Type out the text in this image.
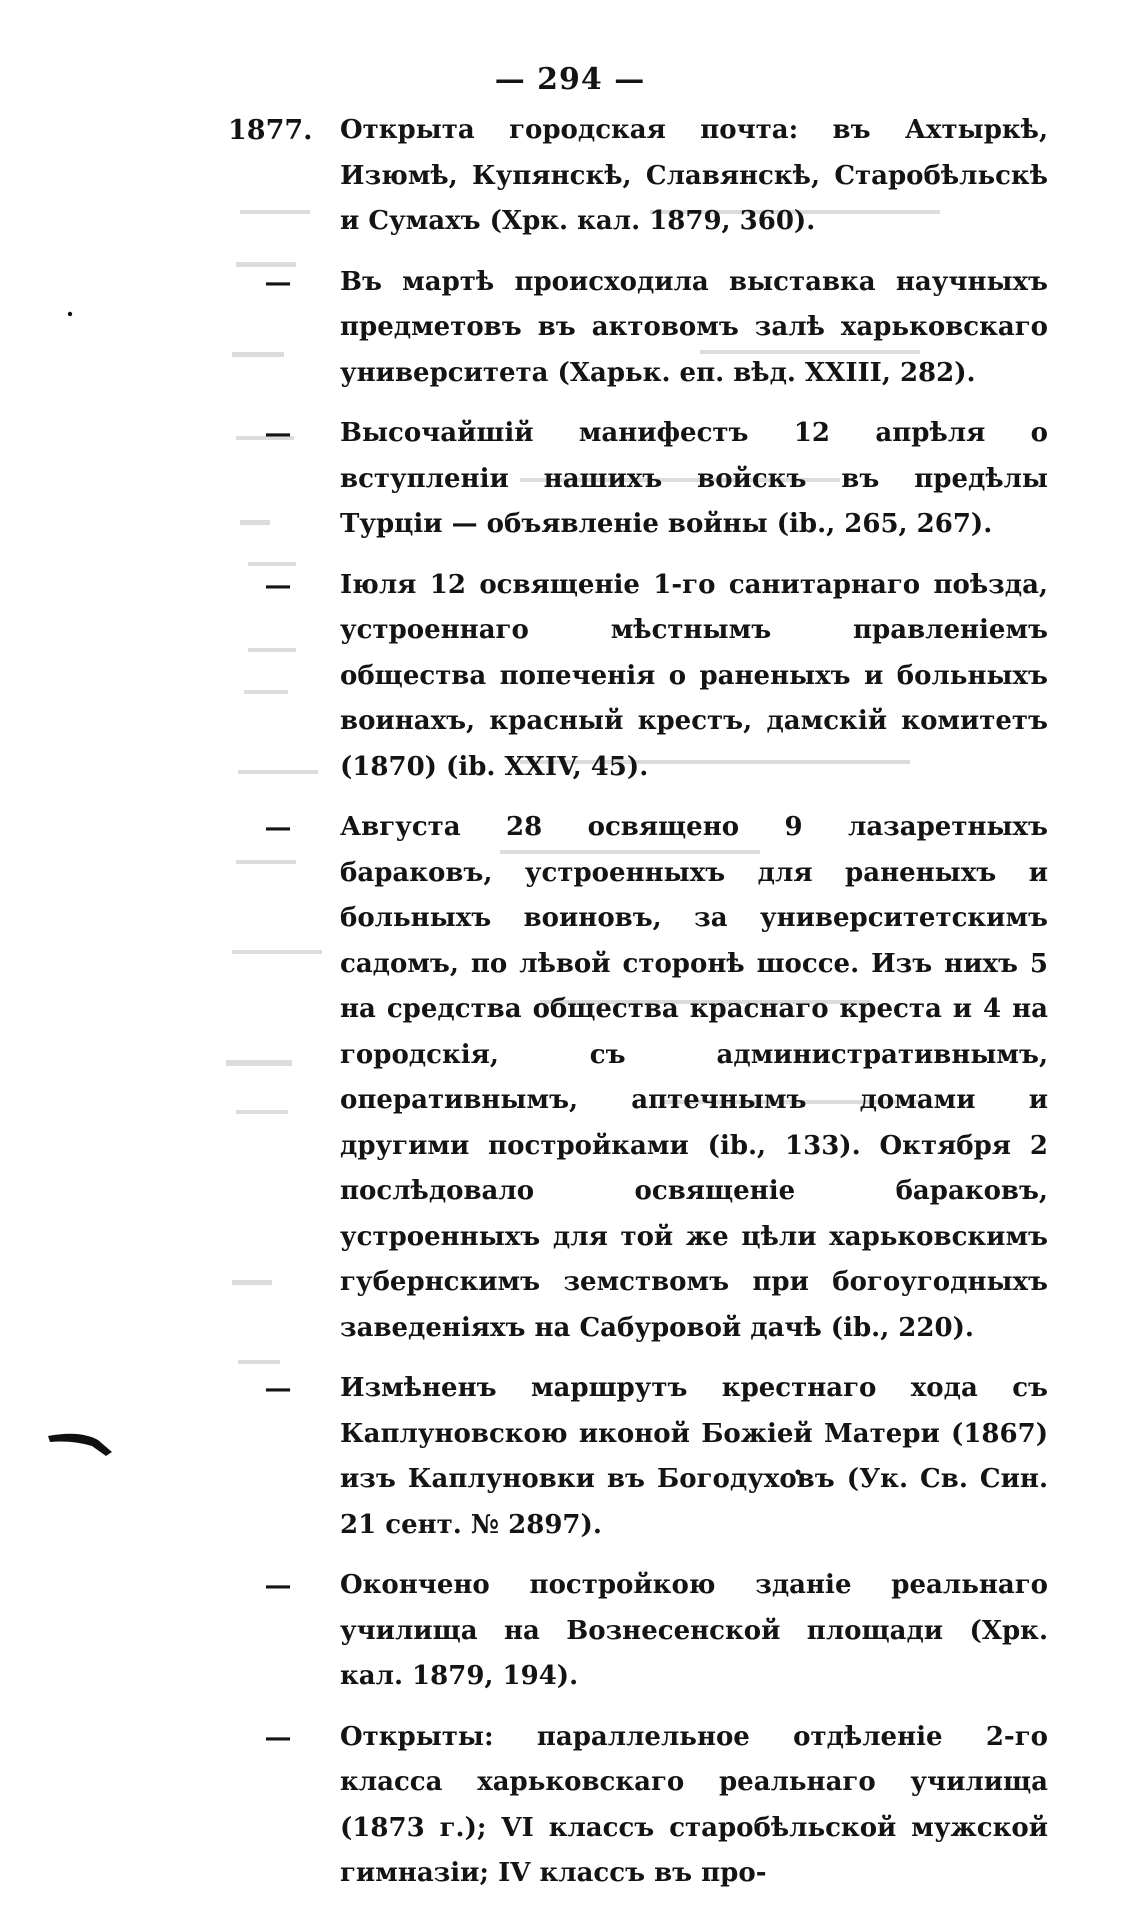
— 294 —
1877.	Открыта городская почта: въ Ахтыркѣ, Изюмѣ, Купянскѣ, Славянскѣ, Старобѣльскѣ и Сумахъ (Хрк. кал. 1879, 360).
—	Въ мартѣ происходила выставка научныхъ предметовъ въ актовомъ залѣ харьковскаго университета (Харьк. еп. вѣд. XXIII, 282).
—	Высочайшій манифестъ 12 апрѣля о вступленіи нашихъ войскъ въ предѣлы Турціи — объявленіе войны (ib., 265, 267).
—	Іюля 12 освященіе 1-го санитарнаго поѣзда, устроеннаго мѣстнымъ правленіемъ общества попеченія о раненыхъ и больныхъ воинахъ, красный крестъ, дамскій комитетъ (1870) (ib. XXIV, 45).
—	Августа 28 освящено 9 лазаретныхъ бараковъ, устроенныхъ для раненыхъ и больныхъ воиновъ, за университетскимъ садомъ, по лѣвой сторонѣ шоссе. Изъ нихъ 5 на средства общества краснаго креста и 4 на городскія, съ административнымъ, оперативнымъ, аптечнымъ домами и другими постройками (ib., 133). Октября 2 послѣдовало освященіе бараковъ, устроенныхъ для той же цѣли харьковскимъ губернскимъ земствомъ при богоугодныхъ заведеніяхъ на Сабуровой дачѣ (ib., 220).
—	Измѣненъ маршрутъ крестнаго хода съ Каплуновскою иконой Божіей Матери (1867) изъ Каплуновки въ Богодуховъ (Ук. Св. Син. 21 сент. № 2897).
—	Окончено постройкою зданіе реальнаго училища на Вознесенской площади (Хрк. кал. 1879, 194).
—	Открыты: параллельное отдѣленіе 2-го класса харьковскаго реальнаго училища (1873 г.); VI классъ старобѣльской мужской гимназіи; IV классъ въ про-
